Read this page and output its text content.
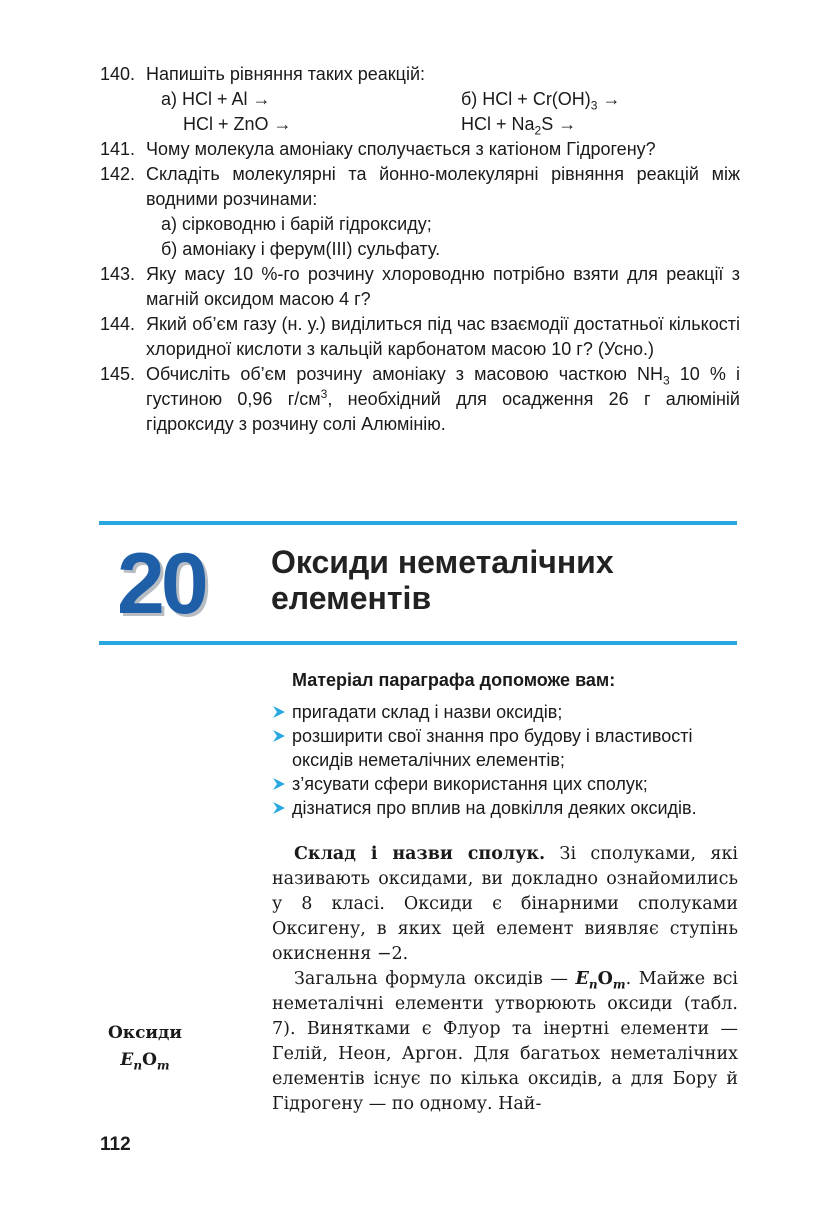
140. Напишіть рівняння таких реакцій:
а) HCl + Al →	б) HCl + $Cr(OH)_3$ →
HCl + ZnO →	HCl + $Na_2S$ →
141. Чому молекула амоніаку сполучається з катіоном Гідрогену?
142. Складіть молекулярні та йонно-молекулярні рівняння реакцій між водними розчинами:
а) сірководню і барій гідроксиду;
б) амоніаку і ферум(ІІІ) сульфату.
143. Яку масу 10 %-го розчину хлороводню потрібно взяти для реакції з магній оксидом масою 4 г?
144. Який об’єм газу (н. у.) виділиться під час взаємодії достатньої кількості хлоридної кислоти з кальцій карбонатом масою 10 г? (Усно.)
145. Обчисліть об’єм розчину амоніаку з масовою часткою $NH_3$ 10 % і густиною 0,96 $г/см^3$, необхідний для осадження 26 г алюміній гідроксиду з розчину солі Алюмінію.
20 Оксиди неметалічних
елементів
Матеріал параграфа допоможе вам:
пригадати склад і назви оксидів;
розширити свої знання про будову і властивості оксидів неметалічних елементів;
з’ясувати сфери використання цих сполук;
дізнатися про вплив на довкілля деяких оксидів.

Склад і назви сполук. Зі сполуками, які називають оксидами, ви докладно ознайомились у 8 класі. Оксиди є бінарними сполуками Оксигену, в яких цей елемент виявляє ступінь окиснення −2.

Загальна формула оксидів — $E_nO_m$. Майже всі неметалічні елементи утворюють оксиди (табл. 7). Винятками є Флуор та інертні елементи — Гелій, Неон, Аргон. Для багатьох неметалічних елементів існує по кілька оксидів, а для Бору й Гідрогену — по одному. Най-

Оксиди
$E_nO_m$
112
